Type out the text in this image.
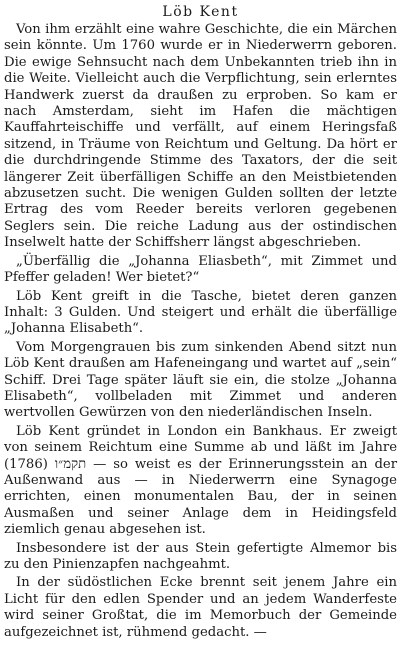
Löb Kent

Von ihm erzählt eine wahre Geschichte, die ein Märchen sein könnte. Um 1760 wurde er in Niederwerrn geboren. Die ewige Sehnsucht nach dem Unbekannten trieb ihn in die Weite. Vielleicht auch die Verpflichtung, sein erlerntes Handwerk zuerst da draußen zu erproben. So kam er nach Amsterdam, sieht im Hafen die mächtigen Kauffahrteischiffe und verfällt, auf einem Heringsfaß sitzend, in Träume von Reichtum und Geltung. Da hört er die durchdringende Stimme des Taxators, der die seit längerer Zeit überfälligen Schiffe an den Meistbietenden abzusetzen sucht. Die wenigen Gulden sollten der letzte Ertrag des vom Reeder bereits verloren gegebenen Seglers sein. Die reiche Ladung aus der ostindischen Inselwelt hatte der Schiffsherr längst abgeschrieben.

„Überfällig die „Johanna Eliasbeth“, mit Zimmet und Pfeffer geladen! Wer bietet?“

Löb Kent greift in die Tasche, bietet deren ganzen Inhalt: 3 Gulden. Und steigert und erhält die überfällige „Johanna Elisabeth“.

Vom Morgengrauen bis zum sinkenden Abend sitzt nun Löb Kent draußen am Hafeneingang und wartet auf „sein“ Schiff. Drei Tage später läuft sie ein, die stolze „Johanna Elisabeth“, vollbeladen mit Zimmet und anderen wertvollen Gewürzen von den niederländischen Inseln.

Löb Kent gründet in London ein Bankhaus. Er zweigt von seinem Reichtum eine Summe ab und läßt im Jahre תקמ״ו (1786) — so weist es der Erinnerungsstein an der Außenwand aus — in Niederwerrn eine Synagoge errichten, einen monumentalen Bau, der in seinen Ausmaßen und seiner Anlage dem in Heidingsfeld ziemlich genau abgesehen ist.

Insbesondere ist der aus Stein gefertigte Almemor bis zu den Pinienzapfen nachgeahmt.

In der südöstlichen Ecke brennt seit jenem Jahre ein Licht für den edlen Spender und an jedem Wanderfeste wird seiner Großtat, die im Memorbuch der Gemeinde aufgezeichnet ist, rühmend gedacht. —
